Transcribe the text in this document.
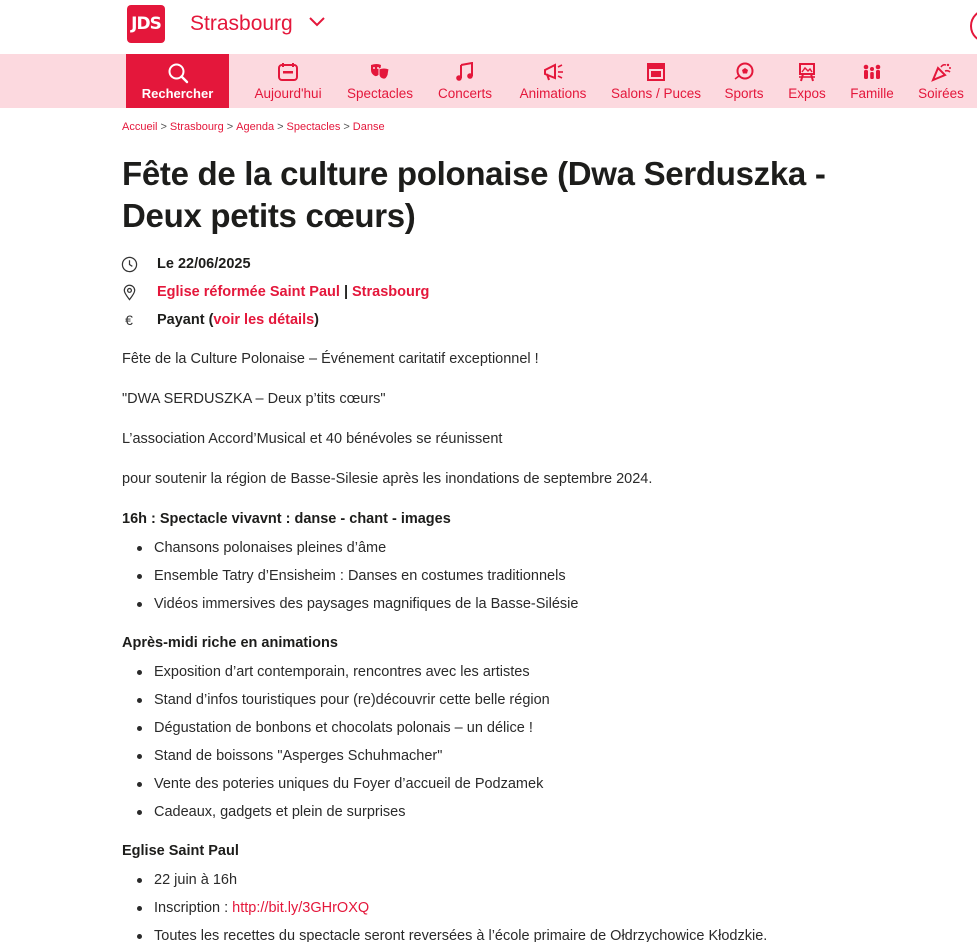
JDS Strasbourg
Rechercher	Aujourd'hui Spectacles Concerts Animations Salons / Puces Sports Expos Famille Soirées
Accueil > Strasbourg > Agenda > Spectacles > Danse
Fête de la culture polonaise (Dwa Serduszka - Deux petits cœurs)
Le 22/06/2025
Eglise réformée Saint Paul | Strasbourg
€	Payant ( voir les détails )
Fête de la Culture Polonaise – Événement caritatif exceptionnel !
"DWA SERDUSZKA – Deux p’tits cœurs"
L’association Accord’Musical et 40 bénévoles se réunissent
pour soutenir la région de Basse-Silesie après les inondations de septembre 2024.
16h : Spectacle vivavnt : danse - chant - images
Chansons polonaises pleines d’âme
Ensemble Tatry d’Ensisheim : Danses en costumes traditionnels
Vidéos immersives des paysages magnifiques de la Basse-Silésie
Après-midi riche en animations
Exposition d’art contemporain, rencontres avec les artistes
Stand d’infos touristiques pour (re)découvrir cette belle région
Dégustation de bonbons et chocolats polonais – un délice !
Stand de boissons "Asperges Schuhmacher"
Vente des poteries uniques du Foyer d’accueil de Podzamek
Cadeaux, gadgets et plein de surprises
Eglise Saint Paul
22 juin à 16h
Inscription : http://bit.ly/3GHrOXQ
Toutes les recettes du spectacle seront reversées à l’école primaire de Ołdrzychowice Kłodzkie.
